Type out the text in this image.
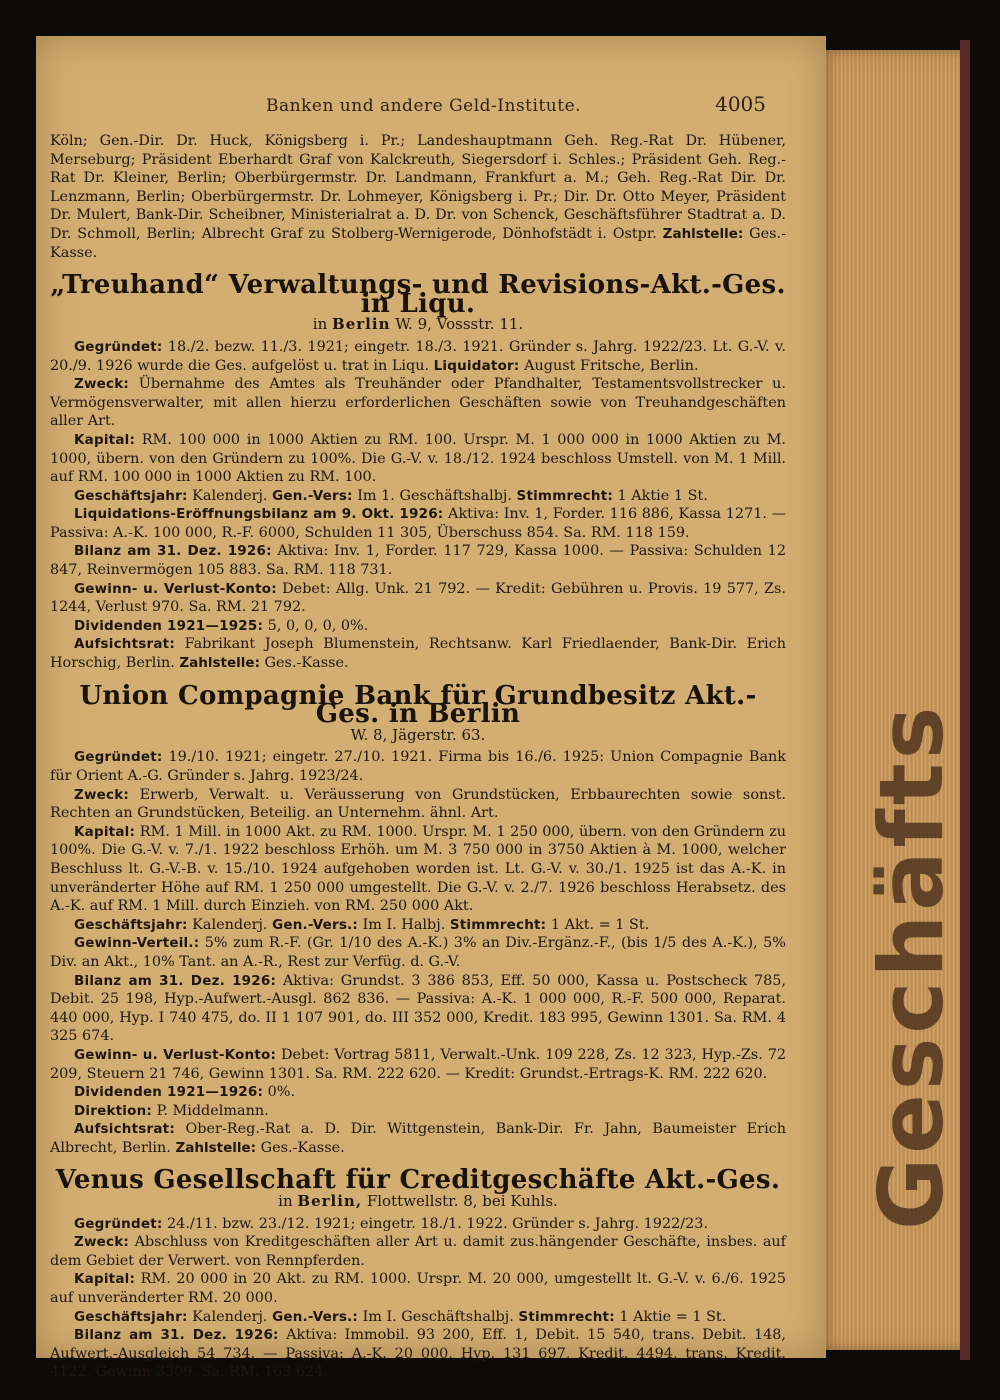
Geschäfts
Banken und andere Geld-Institute.	4005

Köln; Gen.-Dir. Dr. Huck, Königsberg i. Pr.; Landeshauptmann Geh. Reg.-Rat Dr. Hübener, Merseburg; Präsident Eberhardt Graf von Kalckreuth, Siegersdorf i. Schles.; Präsident Geh. Reg.-Rat Dr. Kleiner, Berlin; Oberbürgermstr. Dr. Landmann, Frankfurt a. M.; Geh. Reg.-Rat Dir. Dr. Lenzmann, Berlin; Oberbürgermstr. Dr. Lohmeyer, Königsberg i. Pr.; Dir. Dr. Otto Meyer, Präsident Dr. Mulert, Bank-Dir. Scheibner, Ministerialrat a. D. Dr. von Schenck, Geschäftsführer Stadtrat a. D. Dr. Schmoll, Berlin; Albrecht Graf zu Stolberg-Wernigerode, Dönhofstädt i. Ostpr. Zahlstelle: Ges.-Kasse.

„Treuhand“ Verwaltungs- und Revisions-Akt.-Ges. in Liqu.
in Berlin W. 9, Vossstr. 11.

Gegründet: 18./2. bezw. 11./3. 1921; eingetr. 18./3. 1921. Gründer s. Jahrg. 1922/23. Lt. G.-V. v. 20./9. 1926 wurde die Ges. aufgelöst u. trat in Liqu. Liquidator: August Fritsche, Berlin.

Zweck: Übernahme des Amtes als Treuhänder oder Pfandhalter, Testamentsvollstrecker u. Vermögensverwalter, mit allen hierzu erforderlichen Geschäften sowie von Treuhandgeschäften aller Art.

Kapital: RM. 100 000 in 1000 Aktien zu RM. 100. Urspr. M. 1 000 000 in 1000 Aktien zu M. 1000, übern. von den Gründern zu 100%. Die G.-V. v. 18./12. 1924 beschloss Umstell. von M. 1 Mill. auf RM. 100 000 in 1000 Aktien zu RM. 100.

Geschäftsjahr: Kalenderj. Gen.-Vers: Im 1. Geschäftshalbj. Stimmrecht: 1 Aktie 1 St.

Liquidations-Eröffnungsbilanz am 9. Okt. 1926: Aktiva: Inv. 1, Forder. 116 886, Kassa 1271. — Passiva: A.-K. 100 000, R.-F. 6000, Schulden 11 305, Überschuss 854. Sa. RM. 118 159.

Bilanz am 31. Dez. 1926: Aktiva: Inv. 1, Forder. 117 729, Kassa 1000. — Passiva: Schulden 12 847, Reinvermögen 105 883. Sa. RM. 118 731.

Gewinn- u. Verlust-Konto: Debet: Allg. Unk. 21 792. — Kredit: Gebühren u. Provis. 19 577, Zs. 1244, Verlust 970. Sa. RM. 21 792.

Dividenden 1921—1925: 5, 0, 0, 0, 0%.

Aufsichtsrat: Fabrikant Joseph Blumenstein, Rechtsanw. Karl Friedlaender, Bank-Dir. Erich Horschig, Berlin. Zahlstelle: Ges.-Kasse.

Union Compagnie Bank für Grundbesitz Akt.-Ges. in Berlin
W. 8, Jägerstr. 63.

Gegründet: 19./10. 1921; eingetr. 27./10. 1921. Firma bis 16./6. 1925: Union Compagnie Bank für Orient A.-G. Gründer s. Jahrg. 1923/24.

Zweck: Erwerb, Verwalt. u. Veräusserung von Grundstücken, Erbbaurechten sowie sonst. Rechten an Grundstücken, Beteilig. an Unternehm. ähnl. Art.

Kapital: RM. 1 Mill. in 1000 Akt. zu RM. 1000. Urspr. M. 1 250 000, übern. von den Gründern zu 100%. Die G.-V. v. 7./1. 1922 beschloss Erhöh. um M. 3 750 000 in 3750 Aktien à M. 1000, welcher Beschluss lt. G.-V.-B. v. 15./10. 1924 aufgehoben worden ist. Lt. G.-V. v. 30./1. 1925 ist das A.-K. in unveränderter Höhe auf RM. 1 250 000 umgestellt. Die G.-V. v. 2./7. 1926 beschloss Herabsetz. des A.-K. auf RM. 1 Mill. durch Einzieh. von RM. 250 000 Akt.

Geschäftsjahr: Kalenderj. Gen.-Vers.: Im I. Halbj. Stimmrecht: 1 Akt. = 1 St.

Gewinn-Verteil.: 5% zum R.-F. (Gr. 1/10 des A.-K.) 3% an Div.-Ergänz.-F., (bis 1/5 des A.-K.), 5% Div. an Akt., 10% Tant. an A.-R., Rest zur Verfüg. d. G.-V.

Bilanz am 31. Dez. 1926: Aktiva: Grundst. 3 386 853, Eff. 50 000, Kassa u. Postscheck 785, Debit. 25 198, Hyp.-Aufwert.-Ausgl. 862 836. — Passiva: A.-K. 1 000 000, R.-F. 500 000, Reparat. 440 000, Hyp. I 740 475, do. II 1 107 901, do. III 352 000, Kredit. 183 995, Gewinn 1301. Sa. RM. 4 325 674.

Gewinn- u. Verlust-Konto: Debet: Vortrag 5811, Verwalt.-Unk. 109 228, Zs. 12 323, Hyp.-Zs. 72 209, Steuern 21 746, Gewinn 1301. Sa. RM. 222 620. — Kredit: Grundst.-Ertrags-K. RM. 222 620.

Dividenden 1921—1926: 0%.

Direktion: P. Middelmann.

Aufsichtsrat: Ober-Reg.-Rat a. D. Dir. Wittgenstein, Bank-Dir. Fr. Jahn, Baumeister Erich Albrecht, Berlin. Zahlstelle: Ges.-Kasse.

Venus Gesellschaft für Creditgeschäfte Akt.-Ges.
in Berlin, Flottwellstr. 8, bei Kuhls.

Gegründet: 24./11. bzw. 23./12. 1921; eingetr. 18./1. 1922. Gründer s. Jahrg. 1922/23.

Zweck: Abschluss von Kreditgeschäften aller Art u. damit zus.hängender Geschäfte, insbes. auf dem Gebiet der Verwert. von Rennpferden.

Kapital: RM. 20 000 in 20 Akt. zu RM. 1000. Urspr. M. 20 000, umgestellt lt. G.-V. v. 6./6. 1925 auf unveränderter RM. 20 000.

Geschäftsjahr: Kalenderj. Gen.-Vers.: Im I. Geschäftshalbj. Stimmrecht: 1 Aktie = 1 St.

Bilanz am 31. Dez. 1926: Aktiva: Immobil. 93 200, Eff. 1, Debit. 15 540, trans. Debit. 148, Aufwert.-Ausgleich 54 734. — Passiva: A.-K. 20 000, Hyp. 131 697, Kredit. 4494, trans. Kredit. 4122, Gewinn 3309. Sa. RM. 163 624.
